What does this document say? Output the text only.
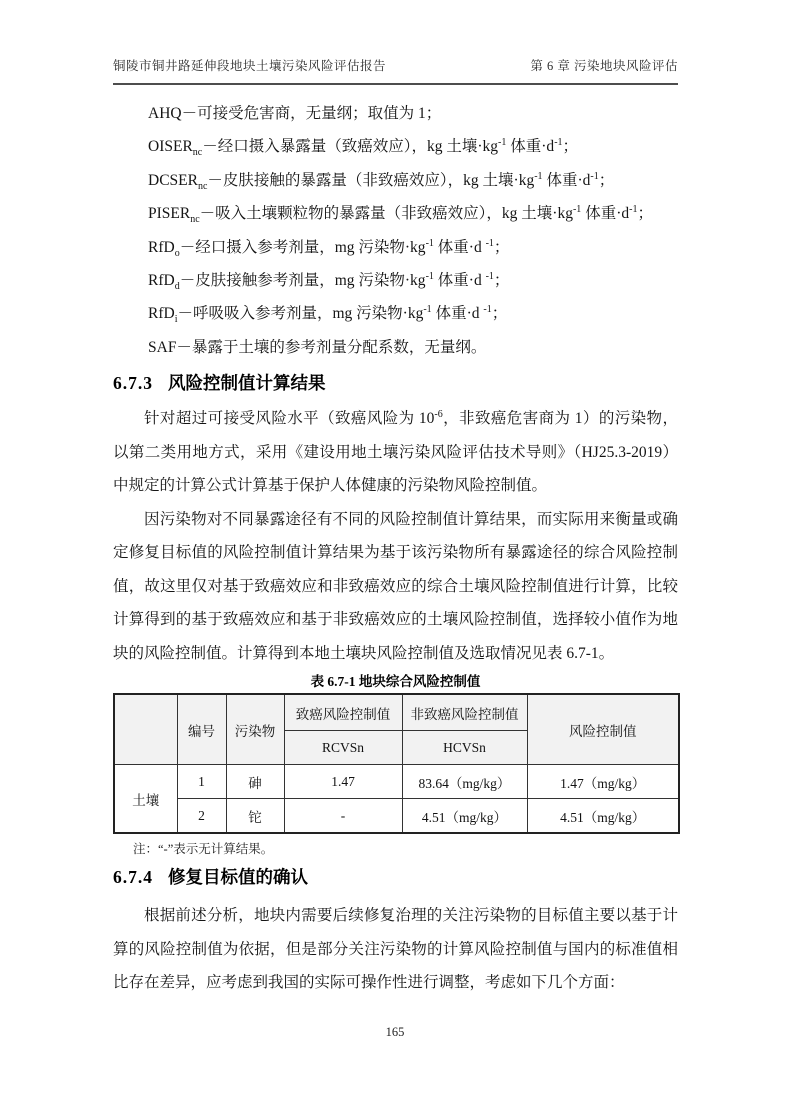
铜陵市铜井路延伸段地块土壤污染风险评估报告	第 6 章 污染地块风险评估

AHQ－可接受危害商，无量纲；取值为 1；

$OISER_{nc}-$经口摄入暴露量（致癌效应），kg 土壤$\cdot kg^{-1}$ 体重$\cdot d^{-1}$；

$DCSER_{nc}-$皮肤接触的暴露量（非致癌效应），kg 土壤$\cdot kg^{-1}$ 体重$\cdot d^{-1}$；

$PISER_{nc}-$吸入土壤颗粒物的暴露量（非致癌效应），kg 土壤$\cdot kg^{-1}$ 体重$\cdot d^{-1}$；

RfD$_o$－经口摄入参考剂量，mg 污染物$\cdot kg^{-1}$ 体重·d $^{-1}$；

RfD$_d$－皮肤接触参考剂量，mg 污染物$\cdot kg^{-1}$ 体重·d $^{-1}$；

RfD$_i$－呼吸吸入参考剂量，mg 污染物$\cdot kg^{-1}$ 体重·d $^{-1}$；

SAF－暴露于土壤的参考剂量分配系数，无量纲。

6.7.3 风险控制值计算结果

针对超过可接受风险水平（致癌风险为 $10^{-6}$，非致癌危害商为 1）的污染物，以第二类用地方式，采用《建设用地土壤污染风险评估技术导则》（HJ25.3-2019）中规定的计算公式计算基于保护人体健康的污染物风险控制值。

因污染物对不同暴露途径有不同的风险控制值计算结果，而实际用来衡量或确定修复目标值的风险控制值计算结果为基于该污染物所有暴露途径的综合风险控制值，故这里仅对基于致癌效应和非致癌效应的综合土壤风险控制值进行计算，比较计算得到的基于致癌效应和基于非致癌效应的土壤风险控制值，选择较小值作为地块的风险控制值。计算得到本地土壤块风险控制值及选取情况见表 6.7-1。

表 6.7-1 地块综合风险控制值
	编号	污染物	致癌风险控制值	非致癌风险控制值	风险控制值
			RCVSn	HCVSn	
土壤	1	砷	1.47	83.64（mg/kg）	1.47（mg/kg）
	2	铊	-	4.51（mg/kg）	4.51（mg/kg）

注：“-”表示无计算结果。

6.7.4 修复目标值的确认

根据前述分析，地块内需要后续修复治理的关注污染物的目标值主要以基于计算的风险控制值为依据，但是部分关注污染物的计算风险控制值与国内的标准值相比存在差异，应考虑到我国的实际可操作性进行调整，考虑如下几个方面：

165
